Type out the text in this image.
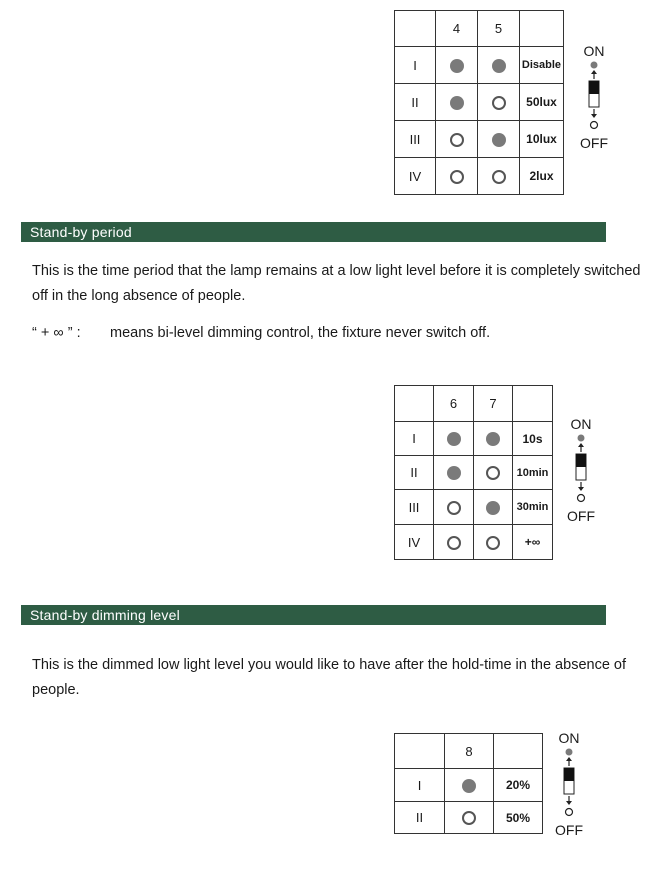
	4	5	
I			Disable
II			50lux
III			10lux
IV			2lux
ON
OFF
Stand-by period

This is the time period that the lamp remains at a low light level before it is completely switched off in the long absence of people.

“ + ∞ ” : means bi-level dimming control, the fixture never switch off.
	6	7	
I			10s
II			10min
III			30min
IV			+∞
ON
OFF
Stand-by dimming level

This is the dimmed low light level you would like to have after the hold-time in the absence of people.

	8	
I		20%
II		50%
ON
OFF
